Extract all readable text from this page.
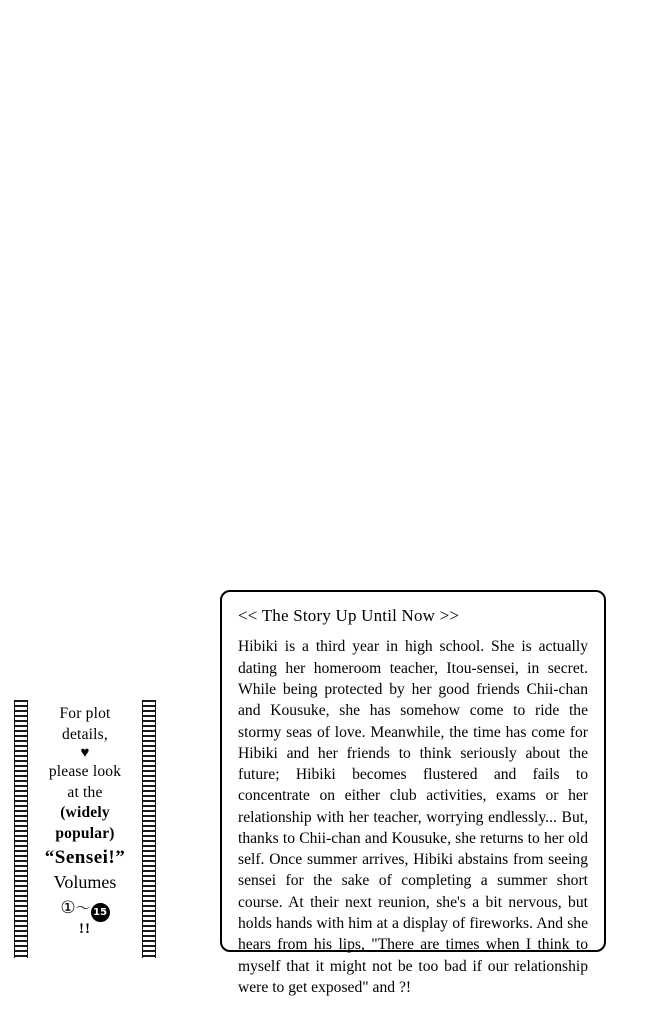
For plot
details,
♥
please look
at the
(widely
popular)
“Sensei!”
Volumes
①～ 15
!!
<< The Story Up Until Now >>

Hibiki is a third year in high school. She is actually dating her homeroom teacher, Itou-sensei, in secret. While being protected by her good friends Chii-chan and Kousuke, she has somehow come to ride the stormy seas of love. Meanwhile, the time has come for Hibiki and her friends to think seriously about the future; Hibiki becomes flustered and fails to concentrate on either club activities, exams or her relationship with her teacher, worrying endlessly... But, thanks to Chii-chan and Kousuke, she returns to her old self. Once summer arrives, Hibiki abstains from seeing sensei for the sake of completing a summer short course. At their next reunion, she's a bit nervous, but holds hands with him at a display of fireworks. And she hears from his lips, "There are times when I think to myself that it might not be too bad if our relationship were to get exposed" and ?!
